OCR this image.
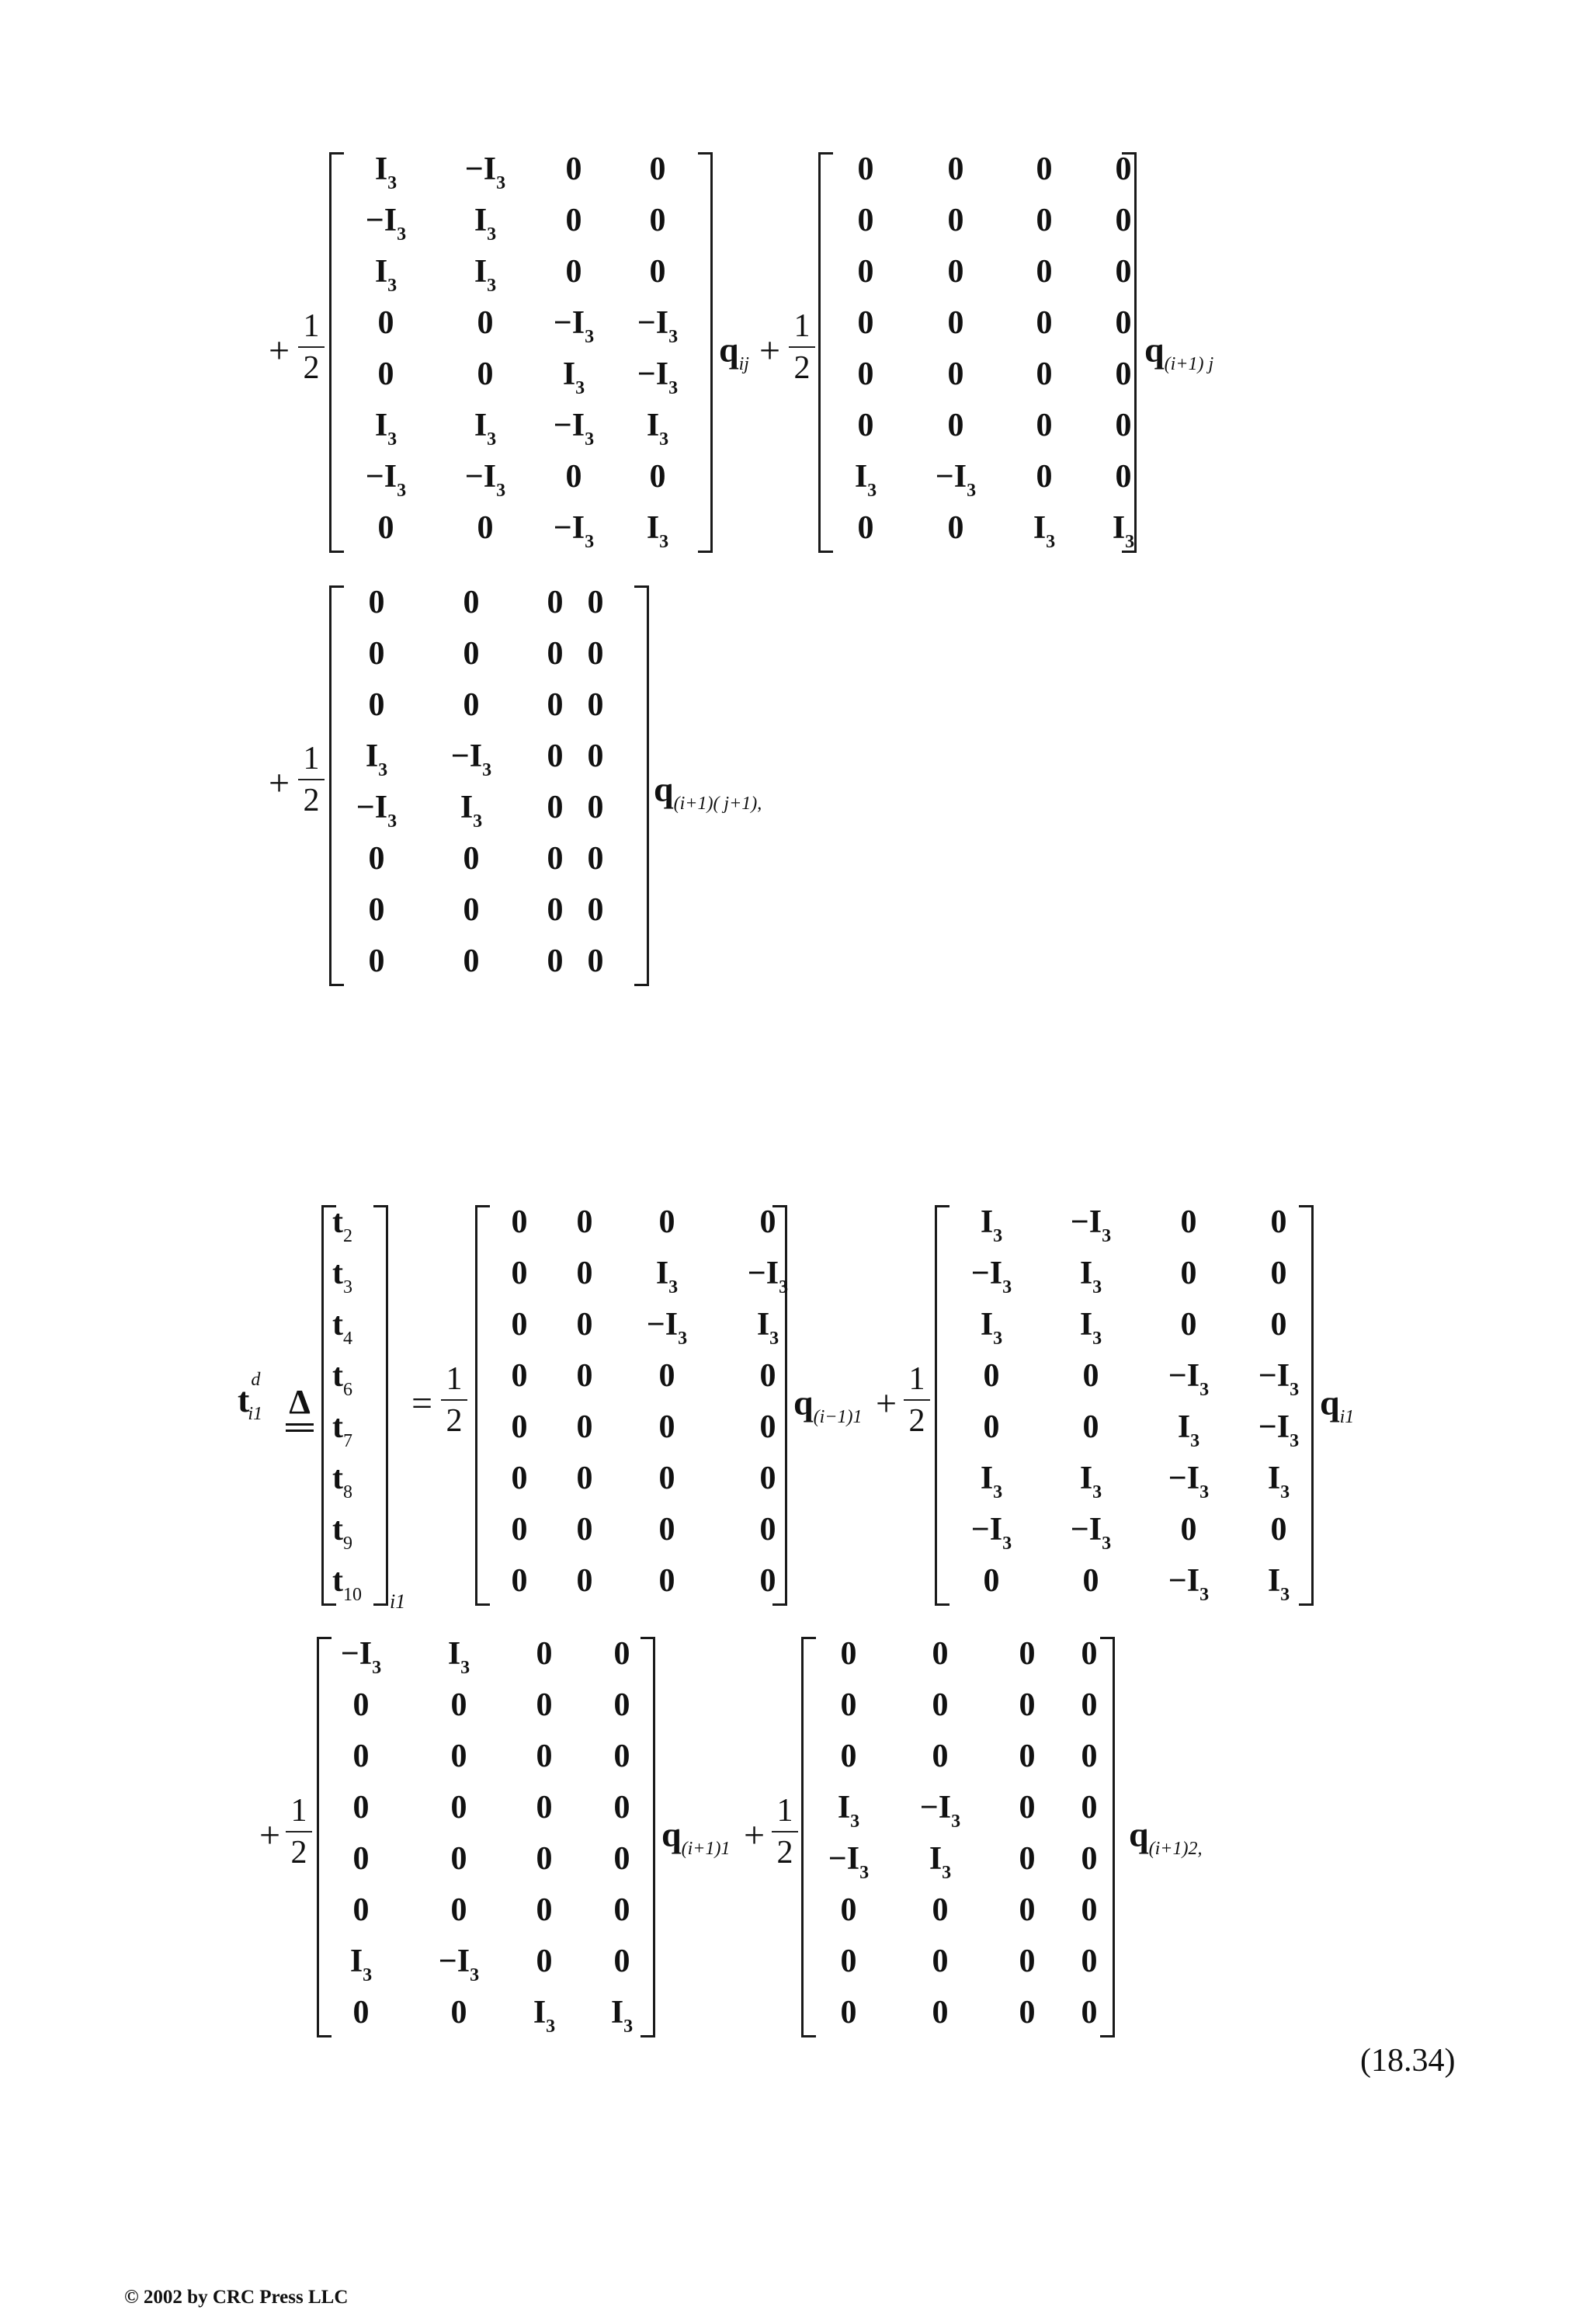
+
1
2
$I_3$	$-I_3$	0	0
$-I_3$	$I_3$	0	0
$I_3$	$I_3$	0	0
0	0	$-I_3$	$-I_3$
0	0	$I_3$	$-I_3$
$I_3$	$I_3$	$-I_3$	$I_3$
$-I_3$	$-I_3$	0	0
0	0	$-I_3$	$I_3$
$q_{ij}$ +
1
2
0	0	0	0
0	0	0	0
0	0	0	0
0	0	0	0
0	0	0	0
0	0	0	0
$I_3$	$-I_3$	0	0
0	0	$I_3$	$I_3$
$q_{(i+1) j}$
+
1
2
0	0	0 0
0	0	0 0
0	0	0 0
$I_3$	$-I_3$	0 0
$-I_3$	$I_3$	0 0
0	0	0 0
0	0	0 0
0	0	0 0
$q_{(i+1)( j+1),}$
$t^d_{i1}$ Δ
$t_2$
$t_3$
$t_4$
$t_6$
$t_7$
$t_8$
$t_9$
$t_{10}$	i1
=
1
2
0	0	0	0
0	0	$I_3$	$-I_3$
0	0	$-I_3$	$I_3$
0	0	0	0
0	0	0	0
0	0	0	0
0	0	0	0
0	0	0	0
$q_{(i-1)1}$ +
1
2
$I_3$	$-I_3$	0	0
$-I_3$	$I_3$	0	0
$I_3$	$I_3$	0	0
0	0	$-I_3$	$-I_3$
0	0	$I_3$	$-I_3$
$I_3$	$I_3$	$-I_3$	$I_3$
$-I_3$	$-I_3$	0	0
0	0	$-I_3$	$I_3$
$q_{i1}$
+
1
2
$-I_3$	$I_3$	0	0
0	0	0	0
0	0	0	0
0	0	0	0
0	0	0	0
0	0	0	0
$I_3$	$-I_3$	0	0
0	0	$I_3$	$I_3$
$q_{(i+1)1}$ +
1
2
0	0	0	0
0	0	0	0
0	0	0	0
$I_3$	$-I_3$	0	0
$-I_3$	$I_3$	0	0
0	0	0	0
0	0	0	0
0	0	0	0
$q_{(i+1)2,}$
(18.34)
© 2002 by CRC Press LLC
